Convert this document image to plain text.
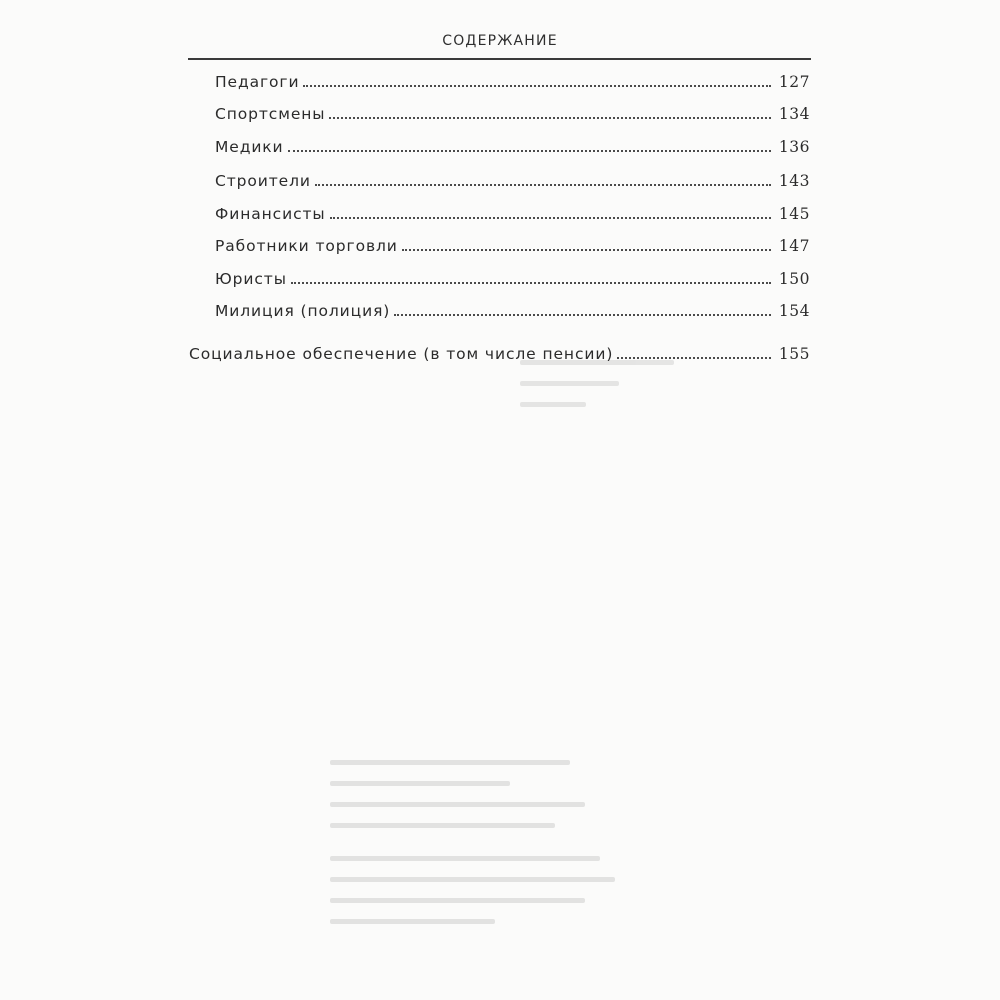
СОДЕРЖАНИЕ
Педагоги	127
Спортсмены	134
Медики	136
Строители	143
Финансисты	145
Работники торговли	147
Юристы	150
Милиция (полиция)	154
Социальное обеспечение (в том числе пенсии)	155
